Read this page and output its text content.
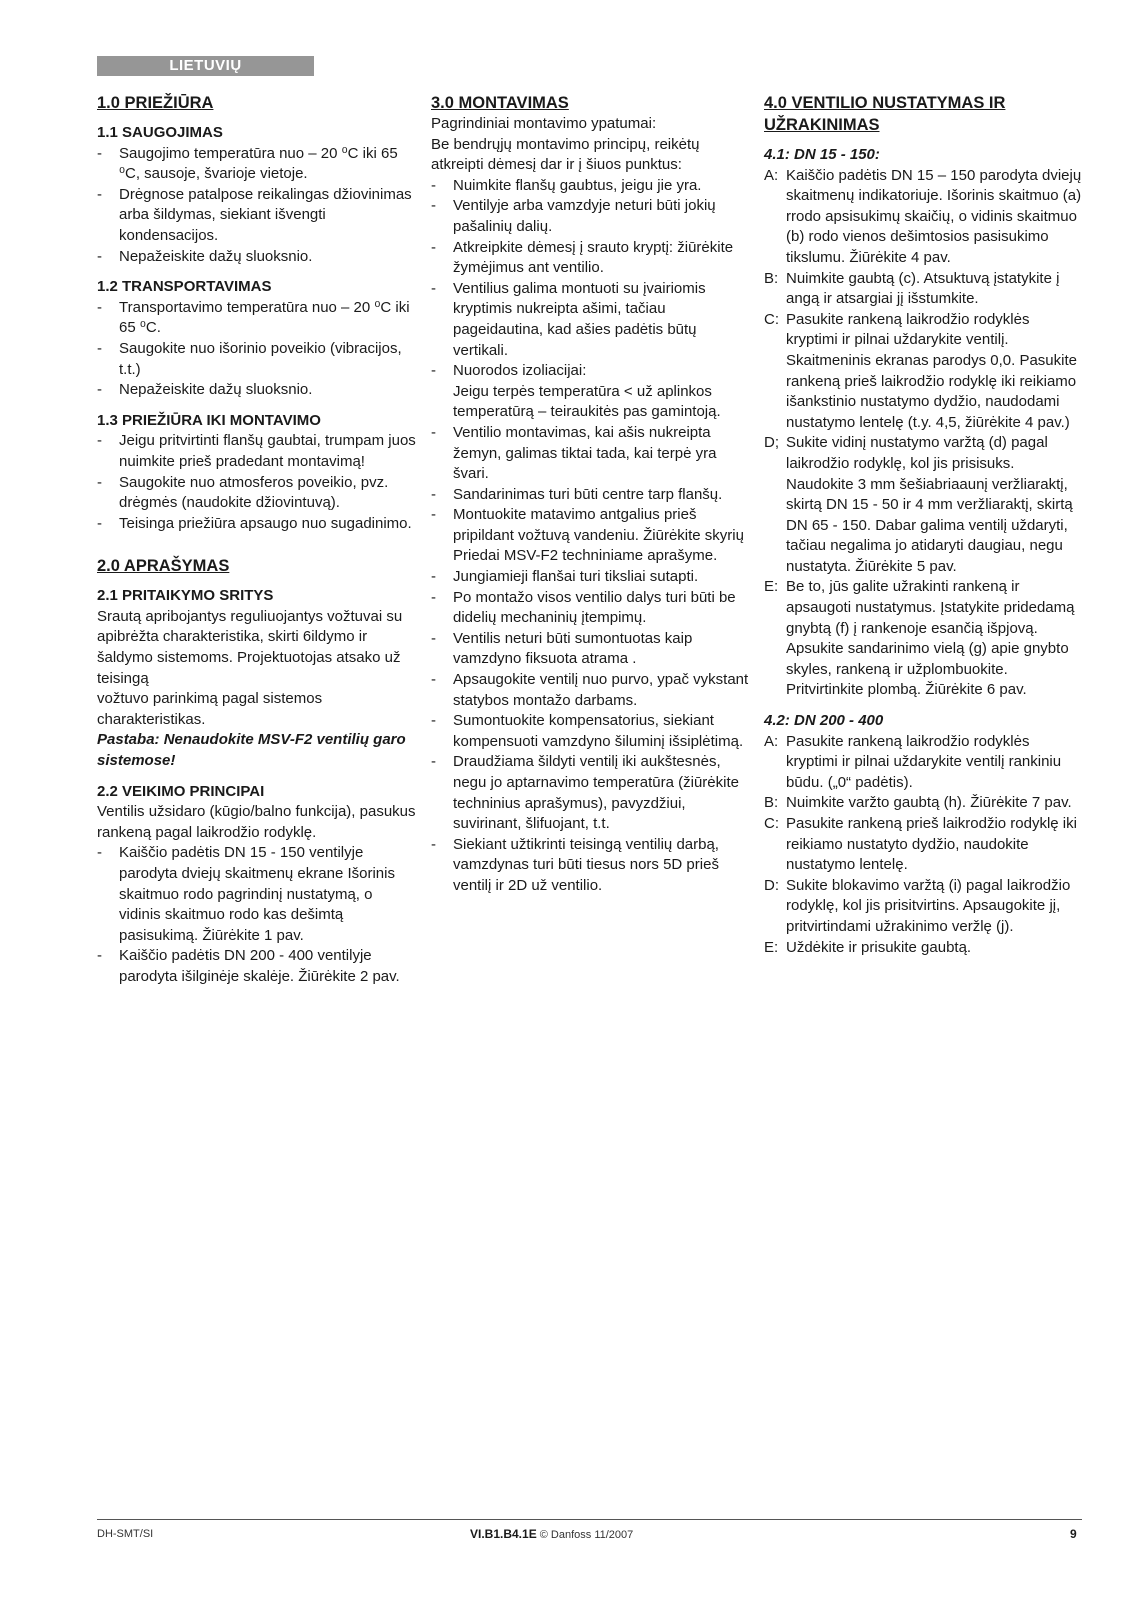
LIETUVIŲ
1.0 PRIEŽIŪRA
1.1 SAUGOJIMAS
- Saugojimo temperatūra nuo – 20 ⁰C iki 65 ⁰C, sausoje, švarioje vietoje.
- Drėgnose patalpose reikalingas džiovinimas arba šildymas, siekiant išvengti kondensacijos.
- Nepažeiskite dažų sluoksnio.
1.2 TRANSPORTAVIMAS
- Transportavimo temperatūra nuo – 20 ⁰C iki 65 ⁰C.
- Saugokite nuo išorinio poveikio (vibracijos, t.t.)
- Nepažeiskite dažų sluoksnio.
1.3 PRIEŽIŪRA IKI MONTAVIMO
- Jeigu pritvirtinti flanšų gaubtai, trumpam juos nuimkite prieš pradedant montavimą!
- Saugokite nuo atmosferos poveikio, pvz. drėgmės (naudokite džiovintuvą).
- Teisinga priežiūra apsaugo nuo sugadinimo.
2.0 APRAŠYMAS
2.1 PRITAIKYMO SRITYS

Srautą apribojantys reguliuojantys vožtuvai su apibrėžta charakteristika, skirti 6ildymo ir šaldymo sistemoms. Projektuotojas atsako už teisingą

vožtuvo parinkimą pagal sistemos charakteristikas.

Pastaba: Nenaudokite MSV-F2 ventilių garo sistemose!

2.2 VEIKIMO PRINCIPAI

Ventilis užsidaro (kūgio/balno funkcija), pasukus rankeną pagal laikrodžio rodyklę.

- Kaiščio padėtis DN 15 - 150 ventilyje parodyta dviejų skaitmenų ekrane Išorinis skaitmuo rodo pagrindinį nustatymą, o vidinis skaitmuo rodo kas dešimtą pasisukimą. Žiūrėkite 1 pav.
- Kaiščio padėtis DN 200 - 400 ventilyje parodyta išilginėje skalėje. Žiūrėkite 2 pav.
3.0 MONTAVIMAS

Pagrindiniai montavimo ypatumai:

Be bendrųjų montavimo principų, reikėtų atkreipti dėmesį dar ir į šiuos punktus:

- Nuimkite flanšų gaubtus, jeigu jie yra.
- Ventilyje arba vamzdyje neturi būti jokių pašalinių dalių.
- Atkreipkite dėmesį į srauto kryptį: žiūrėkite žymėjimus ant ventilio.
- Ventilius galima montuoti su įvairiomis kryptimis nukreipta ašimi, tačiau pageidautina, kad ašies padėtis būtų vertikali.
- Nuorodos izoliacijai:
Jeigu terpės temperatūra < už aplinkos temperatūrą – teiraukitės pas gamintoją.
- Ventilio montavimas, kai ašis nukreipta žemyn, galimas tiktai tada, kai terpė yra švari.
- Sandarinimas turi būti centre tarp flanšų.
- Montuokite matavimo antgalius prieš pripildant vožtuvą vandeniu. Žiūrėkite skyrių Priedai MSV-F2 techniniame aprašyme.
- Jungiamieji flanšai turi tiksliai sutapti.
- Po montažo visos ventilio dalys turi būti be didelių mechaninių įtempimų.
- Ventilis neturi būti sumontuotas kaip vamzdyno fiksuota atrama .
- Apsaugokite ventilį nuo purvo, ypač vykstant statybos montažo darbams.
- Sumontuokite kompensatorius, siekiant kompensuoti vamzdyno šiluminį išsiplėtimą.
- Draudžiama šildyti ventilį iki aukštesnės, negu jo aptarnavimo temperatūra (žiūrėkite techninius aprašymus), pavyzdžiui, suvirinant, šlifuojant, t.t.
- Siekiant užtikrinti teisingą ventilių darbą, vamzdynas turi būti tiesus nors 5D prieš ventilį ir 2D už ventilio.
4.0 VENTILIO NUSTATYMAS IR UŽRAKINIMAS
4.1: DN 15 - 150:
A: Kaiščio padėtis DN 15 – 150 parodyta dviejų skaitmenų indikatoriuje. Išorinis skaitmuo (a) rrodo apsisukimų skaičių, o vidinis skaitmuo (b) rodo vienos dešimtosios pasisukimo tikslumu. Žiūrėkite 4 pav.
B: Nuimkite gaubtą (c). Atsuktuvą įstatykite į angą ir atsargiai jį išstumkite.
C: Pasukite rankeną laikrodžio rodyklės kryptimi ir pilnai uždarykite ventilį. Skaitmeninis ekranas parodys 0,0. Pasukite rankeną prieš laikrodžio rodyklę iki reikiamo išankstinio nustatymo dydžio, naudodami nustatymo lentelę (t.y. 4,5, žiūrėkite 4 pav.)
D; Sukite vidinį nustatymo varžtą (d) pagal laikrodžio rodyklę, kol jis prisisuks. Naudokite 3 mm šešiabriaaunį veržliaraktį, skirtą DN 15 - 50 ir 4 mm veržliaraktį, skirtą DN 65 - 150. Dabar galima ventilį uždaryti, tačiau negalima jo atidaryti daugiau, negu nustatyta. Žiūrėkite 5 pav.
E: Be to, jūs galite užrakinti rankeną ir apsaugoti nustatymus. Įstatykite pridedamą gnybtą (f) į rankenoje esančią išpjovą. Apsukite sandarinimo vielą (g) apie gnybto skyles, rankeną ir užplombuokite. Pritvirtinkite plombą. Žiūrėkite 6 pav.
4.2: DN 200 - 400
A: Pasukite rankeną laikrodžio rodyklės kryptimi ir pilnai uždarykite ventilį rankiniu būdu. („0“ padėtis).
B: Nuimkite varžto gaubtą (h). Žiūrėkite 7 pav.
C: Pasukite rankeną prieš laikrodžio rodyklę iki reikiamo nustatyto dydžio, naudokite nustatymo lentelę.
D: Sukite blokavimo varžtą (i) pagal laikrodžio rodyklę, kol jis prisitvirtins. Apsaugokite jį, pritvirtindami užrakinimo veržlę (j).
E: Uždėkite ir prisukite gaubtą.
DH-SMT/SI	VI.B1.B4.1E © Danfoss 11/2007	9
